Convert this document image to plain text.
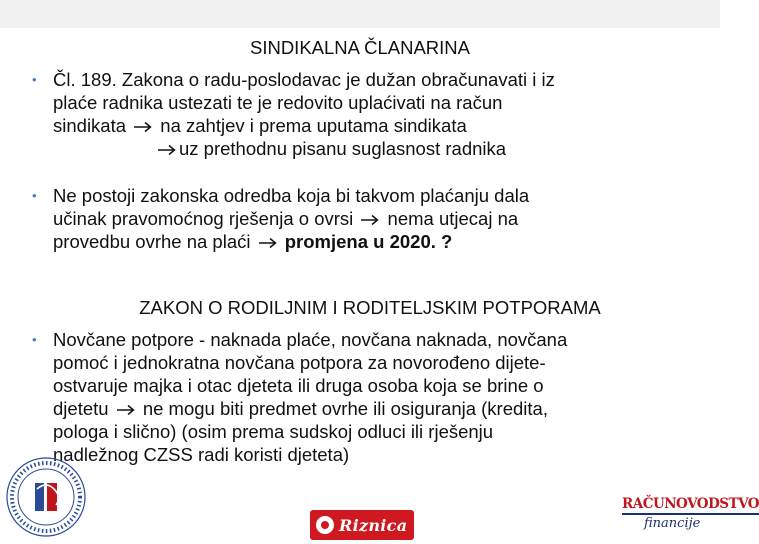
SINDIKALNA ČLANARINA
• Čl. 189. Zakona o radu-poslodavac je dužan obračunavati i iz
plaće radnika ustezati te je redovito uplaćivati na račun
sindikata na zahtjev i prema uputama sindikata
uz prethodnu pisanu suglasnost radnika
• Ne postoji zakonska odredba koja bi takvom plaćanju dala
učinak pravomoćnog rješenja o ovrsi nema utjecaj na
provedbu ovrhe na plaći promjena u 2020. ?
ZAKON O RODILJNIM I RODITELJSKIM POTPORAMA
• Novčane potpore - naknada plaće, novčana naknada, novčana
pomoć i jednokratna novčana potpora za novorođeno dijete-
ostvaruje majka i otac djeteta ili druga osoba koja se brine o
djetetu ne mogu biti predmet ovrhe ili osiguranja (kredita,
pologa i slično) (osim prema sudskoj odluci ili rješenju
nadležnog CZSS radi koristi djeteta)
Riznica
RAČUNOVODSTVO
financije
